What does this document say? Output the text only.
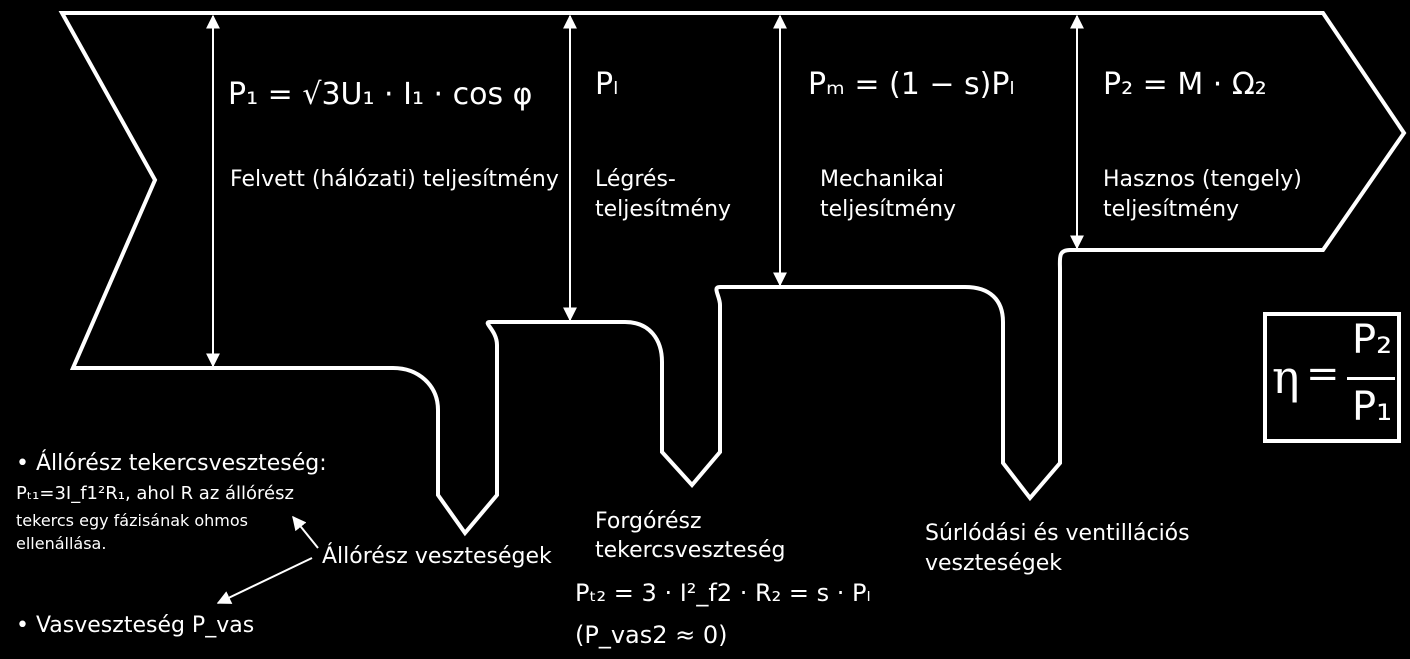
P₁ = √3U₁ · I₁ · cos φ
Felvett (hálózati) teljesítmény
Pₗ
Légrés-
teljesítmény
Pₘ = (1 − s)Pₗ
Mechanikai
teljesítmény
P₂ = M · Ω₂
Hasznos (tengely)
teljesítmény
η =
P₂
P₁
• Állórész tekercsveszteség:
Pₜ₁=3I_f1²R₁, ahol R az állórész
tekercs egy fázisának ohmos
ellenállása.
Állórész veszteségek
• Vasveszteség P_vas
Forgórész
tekercsveszteség
Pₜ₂ = 3 · I²_f2 · R₂ = s · Pₗ
(P_vas2 ≈ 0)
Súrlódási és ventillációs
veszteségek
